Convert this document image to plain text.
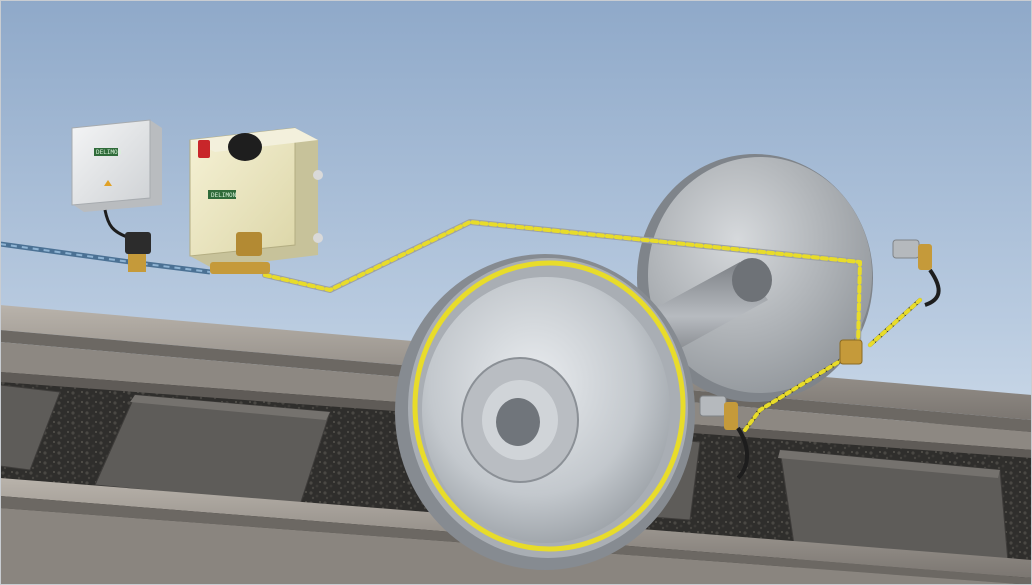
DELIMON
DELIMON
